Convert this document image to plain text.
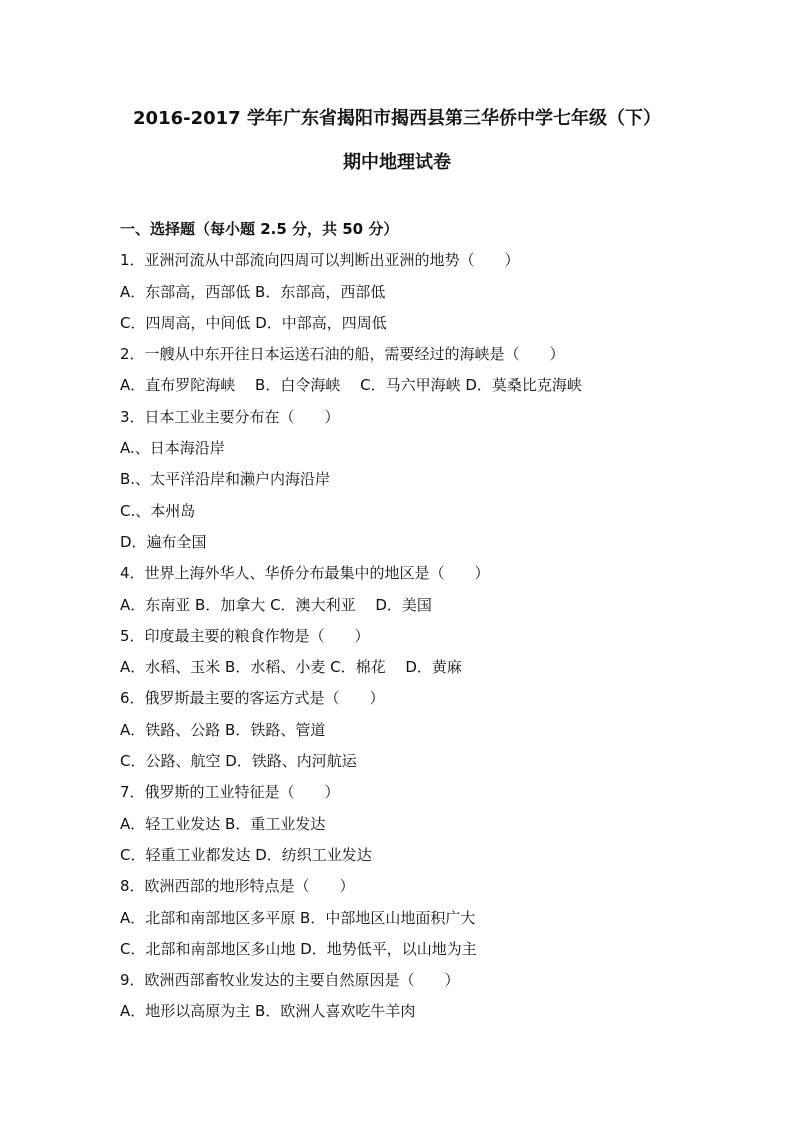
2016-2017 学年广东省揭阳市揭西县第三华侨中学七年级（下）
期中地理试卷
一、选择题（每小题 2.5 分，共 50 分）
1．亚洲河流从中部流向四周可以判断出亚洲的地势（　　）
A．东部高，西部低 B．东部高，西部低
C．四周高，中间低 D．中部高，四周低
2．一艘从中东开往日本运送石油的船，需要经过的海峡是（　　）
A．直布罗陀海峡　 B．白令海峡　 C．马六甲海峡 D．莫桑比克海峡
3．日本工业主要分布在（　　）
A.、日本海沿岸
B.、太平洋沿岸和濑户内海沿岸
C.、本州岛
D．遍布全国
4．世界上海外华人、华侨分布最集中的地区是（　　）
A．东南亚 B．加拿大 C．澳大利亚　 D．美国
5．印度最主要的粮食作物是（　　）
A．水稻、玉米 B．水稻、小麦 C．棉花　 D．黄麻
6．俄罗斯最主要的客运方式是（　　）
A．铁路、公路 B．铁路、管道
C．公路、航空 D．铁路、内河航运
7．俄罗斯的工业特征是（　　）
A．轻工业发达 B．重工业发达
C．轻重工业都发达 D．纺织工业发达
8．欧洲西部的地形特点是（　　）
A．北部和南部地区多平原 B．中部地区山地面积广大
C．北部和南部地区多山地 D．地势低平，以山地为主
9．欧洲西部畜牧业发达的主要自然原因是（　　）
A．地形以高原为主 B．欧洲人喜欢吃牛羊肉
